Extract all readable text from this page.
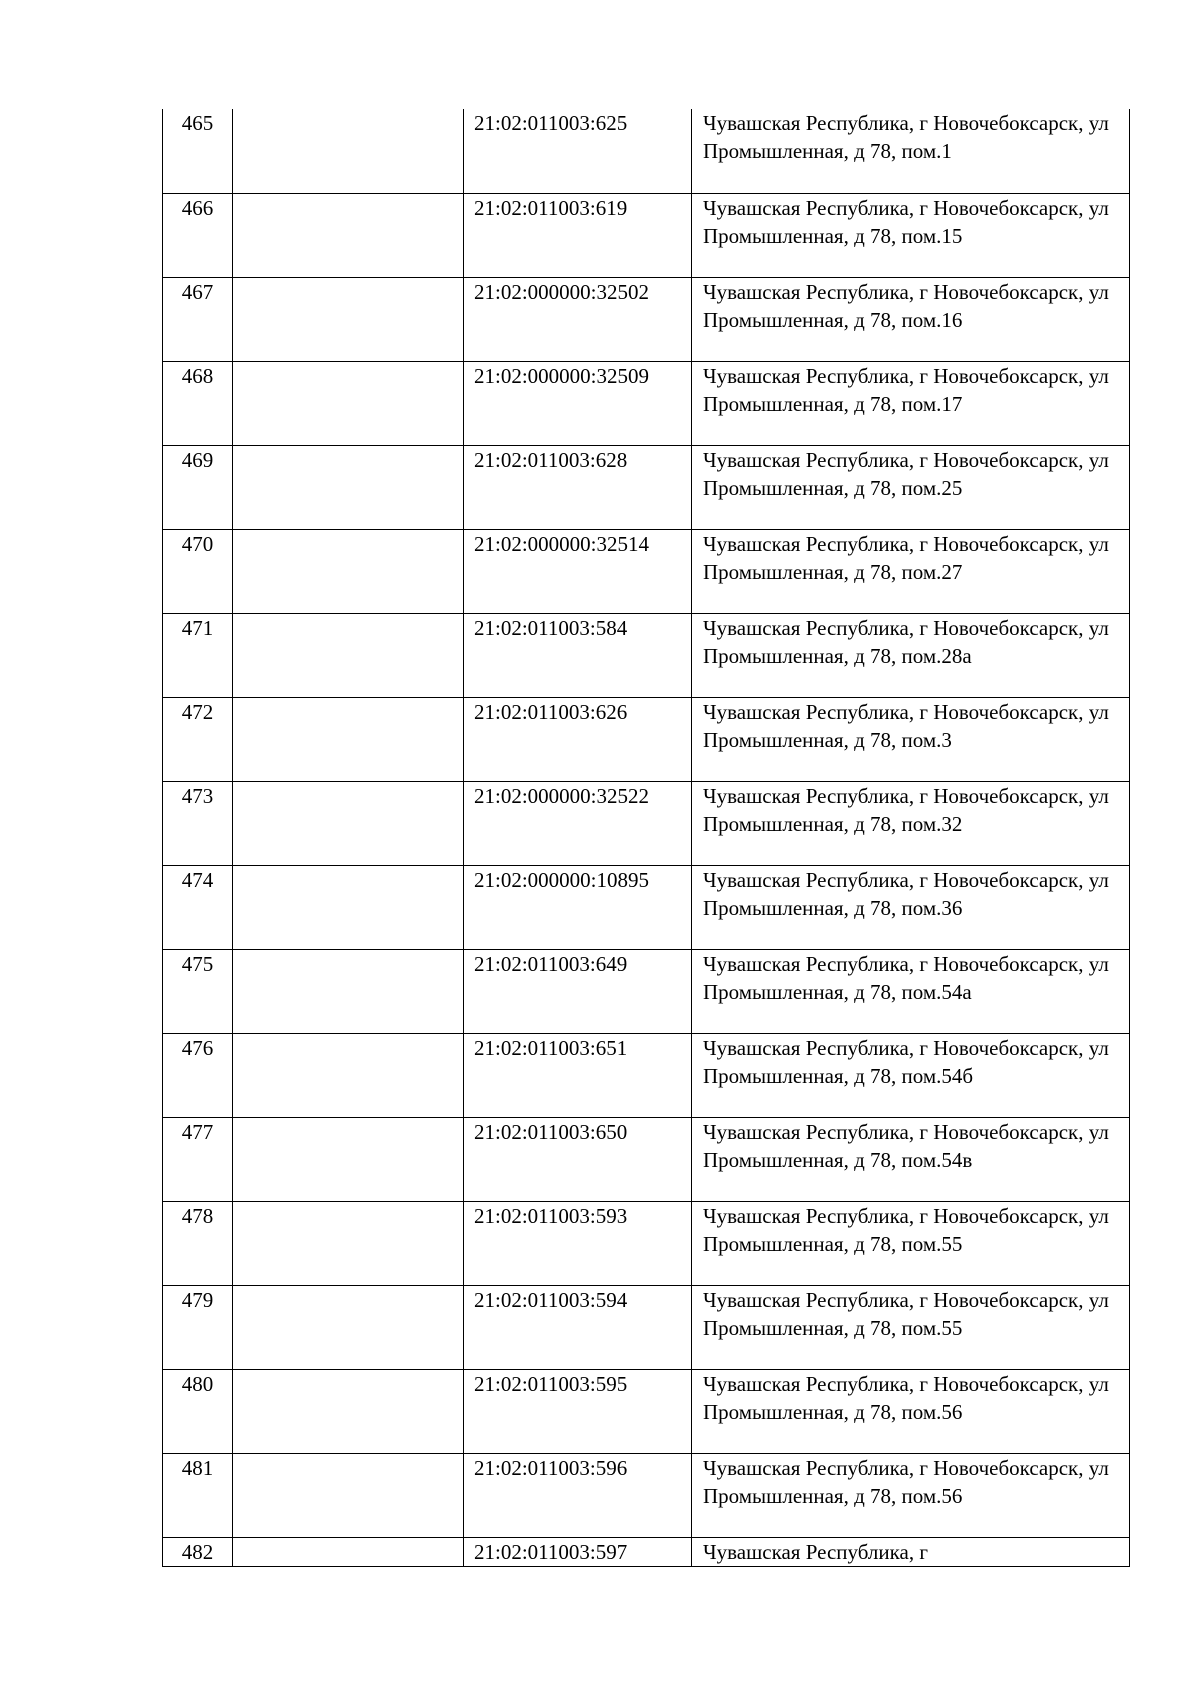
465		21:02:011003:625	Чувашская Республика, г Новочебоксарск, ул Промышленная, д 78, пом.1
466		21:02:011003:619	Чувашская Республика, г Новочебоксарск, ул Промышленная, д 78, пом.15
467		21:02:000000:32502	Чувашская Республика, г Новочебоксарск, ул Промышленная, д 78, пом.16
468		21:02:000000:32509	Чувашская Республика, г Новочебоксарск, ул Промышленная, д 78, пом.17
469		21:02:011003:628	Чувашская Республика, г Новочебоксарск, ул Промышленная, д 78, пом.25
470		21:02:000000:32514	Чувашская Республика, г Новочебоксарск, ул Промышленная, д 78, пом.27
471		21:02:011003:584	Чувашская Республика, г Новочебоксарск, ул Промышленная, д 78, пом.28а
472		21:02:011003:626	Чувашская Республика, г Новочебоксарск, ул Промышленная, д 78, пом.3
473		21:02:000000:32522	Чувашская Республика, г Новочебоксарск, ул Промышленная, д 78, пом.32
474		21:02:000000:10895	Чувашская Республика, г Новочебоксарск, ул Промышленная, д 78, пом.36
475		21:02:011003:649	Чувашская Республика, г Новочебоксарск, ул Промышленная, д 78, пом.54а
476		21:02:011003:651	Чувашская Республика, г Новочебоксарск, ул Промышленная, д 78, пом.54б
477		21:02:011003:650	Чувашская Республика, г Новочебоксарск, ул Промышленная, д 78, пом.54в
478		21:02:011003:593	Чувашская Республика, г Новочебоксарск, ул Промышленная, д 78, пом.55
479		21:02:011003:594	Чувашская Республика, г Новочебоксарск, ул Промышленная, д 78, пом.55
480		21:02:011003:595	Чувашская Республика, г Новочебоксарск, ул Промышленная, д 78, пом.56
481		21:02:011003:596	Чувашская Республика, г Новочебоксарск, ул Промышленная, д 78, пом.56
482		21:02:011003:597	Чувашская Республика, г
